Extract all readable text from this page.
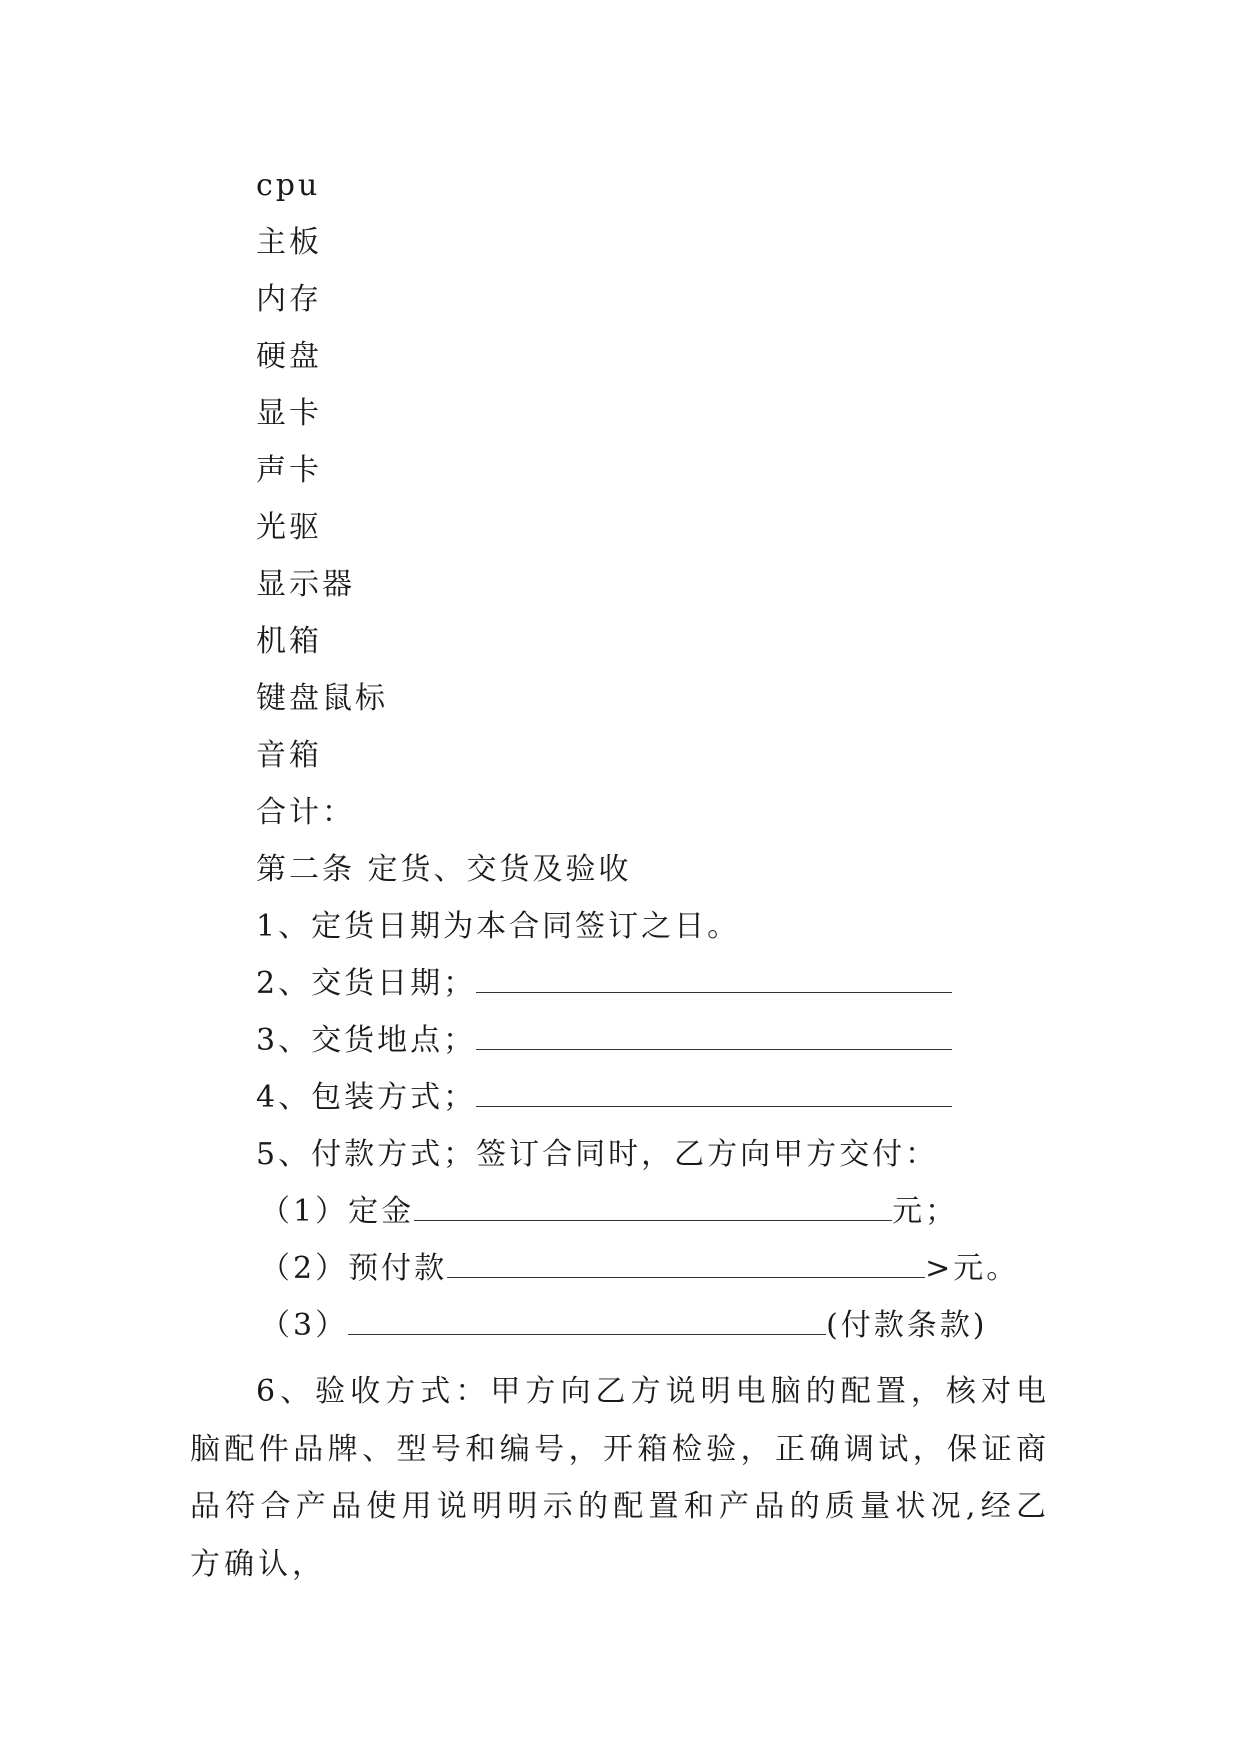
cpu
主板
内存
硬盘
显卡
声卡
光驱
显示器
机箱
键盘鼠标
音箱
合计：
第二条 定货、交货及验收
1、定货日期为本合同签订之日。
2、交货日期；
3、交货地点；
4、包装方式；
5、付款方式；签订合同时，乙方向甲方交付：
（1）定金	元；
（2）预付款	>元。
（3）	(付款条款)
6、验收方式：甲方向乙方说明电脑的配置，核对电脑配件品牌、型号和编号，开箱检验，正确调试，保证商品符合产品使用说明明示的配置和产品的质量状况,经乙方确认，
